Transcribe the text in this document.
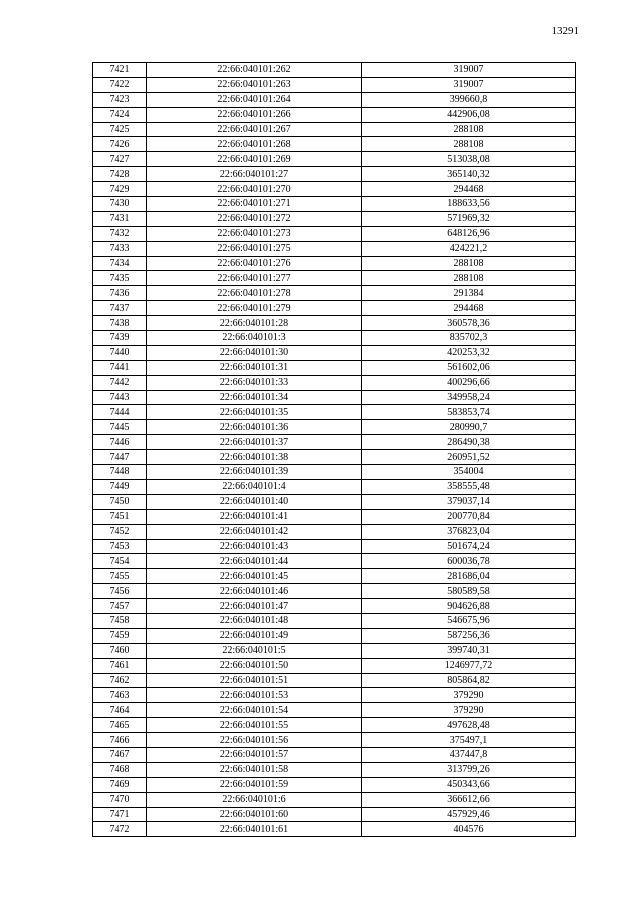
13291
7421	22:66:040101:262	319007
7422	22:66:040101:263	319007
7423	22:66:040101:264	399660,8
7424	22:66:040101:266	442906,08
7425	22:66:040101:267	288108
7426	22:66:040101:268	288108
7427	22:66:040101:269	513038,08
7428	22:66:040101:27	365140,32
7429	22:66:040101:270	294468
7430	22:66:040101:271	188633,56
7431	22:66:040101:272	571969,32
7432	22:66:040101:273	648126,96
7433	22:66:040101:275	424221,2
7434	22:66:040101:276	288108
7435	22:66:040101:277	288108
7436	22:66:040101:278	291384
7437	22:66:040101:279	294468
7438	22:66:040101:28	360578,36
7439	22:66:040101:3	835702,3
7440	22:66:040101:30	420253,32
7441	22:66:040101:31	561602,06
7442	22:66:040101:33	400296,66
7443	22:66:040101:34	349958,24
7444	22:66:040101:35	583853,74
7445	22:66:040101:36	280990,7
7446	22:66:040101:37	286490,38
7447	22:66:040101:38	260951,52
7448	22:66:040101:39	354004
7449	22:66:040101:4	358555,48
7450	22:66:040101:40	379037,14
7451	22:66:040101:41	200770,84
7452	22:66:040101:42	376823,04
7453	22:66:040101:43	501674,24
7454	22:66:040101:44	600036,78
7455	22:66:040101:45	281686,04
7456	22:66:040101:46	580589,58
7457	22:66:040101:47	904626,88
7458	22:66:040101:48	546675,96
7459	22:66:040101:49	587256,36
7460	22:66:040101:5	399740,31
7461	22:66:040101:50	1246977,72
7462	22:66:040101:51	805864,82
7463	22:66:040101:53	379290
7464	22:66:040101:54	379290
7465	22:66:040101:55	497628,48
7466	22:66:040101:56	375497,1
7467	22:66:040101:57	437447,8
7468	22:66:040101:58	313799,26
7469	22:66:040101:59	450343,66
7470	22:66:040101:6	366612,66
7471	22:66:040101:60	457929,46
7472	22:66:040101:61	404576
